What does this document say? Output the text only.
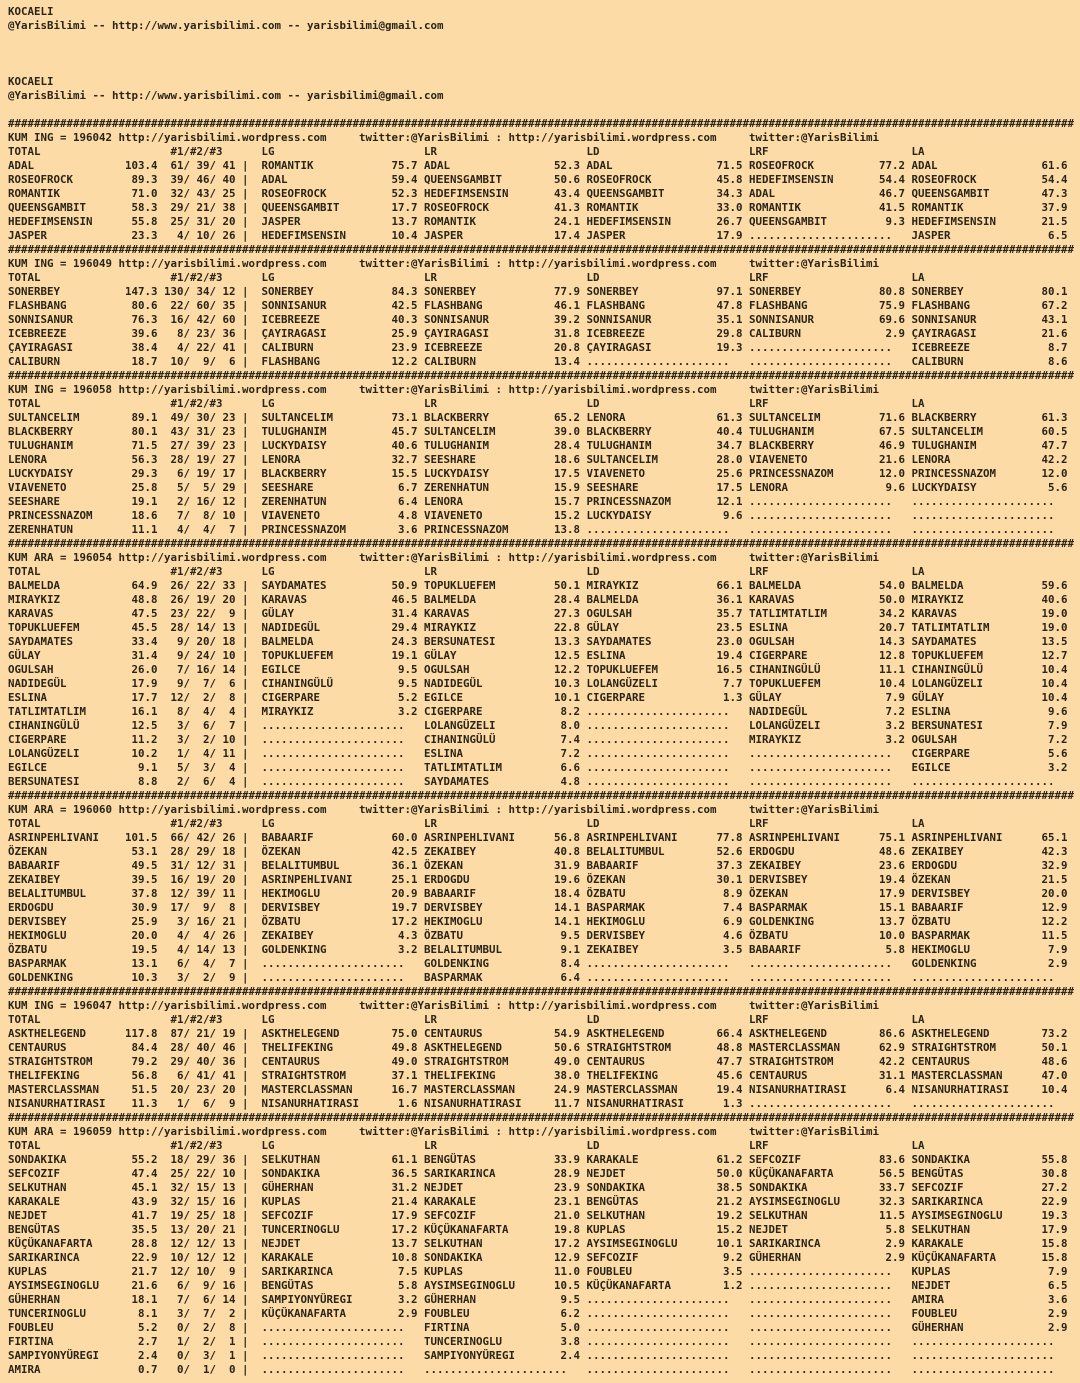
KOCAELI
@YarisBilimi -- http://www.yarisbilimi.com -- yarisbilimi@gmail.com
KOCAELI
@YarisBilimi -- http://www.yarisbilimi.com -- yarisbilimi@gmail.com
####################################################################################################################################################################
KUM ING = 196042 http://yarisbilimi.wordpress.com     twitter:@YarisBilimi : http://yarisbilimi.wordpress.com     twitter:@YarisBilimi
TOTAL                    #1/#2/#3      LG                       LR                       LD                       LRF                      LA
ADAL              103.4  61/ 39/ 41 |  ROMANTIK            75.7 ADAL                52.3 ADAL                71.5 ROSEOFROCK          77.2 ADAL                61.6
ROSEOFROCK         89.3  39/ 46/ 40 |  ADAL                59.4 QUEENSGAMBIT        50.6 ROSEOFROCK          45.8 HEDEFIMSENSIN       54.4 ROSEOFROCK          54.4
ROMANTIK           71.0  32/ 43/ 25 |  ROSEOFROCK          52.3 HEDEFIMSENSIN       43.4 QUEENSGAMBIT        34.3 ADAL                46.7 QUEENSGAMBIT        47.3
QUEENSGAMBIT       58.3  29/ 21/ 38 |  QUEENSGAMBIT        17.7 ROSEOFROCK          41.3 ROMANTIK            33.0 ROMANTIK            41.5 ROMANTIK            37.9
HEDEFIMSENSIN      55.8  25/ 31/ 20 |  JASPER              13.7 ROMANTIK            24.1 HEDEFIMSENSIN       26.7 QUEENSGAMBIT         9.3 HEDEFIMSENSIN       21.5
JASPER             23.3   4/ 10/ 26 |  HEDEFIMSENSIN       10.4 JASPER              17.4 JASPER              17.9 ......................   JASPER               6.5
####################################################################################################################################################################
KUM ING = 196049 http://yarisbilimi.wordpress.com     twitter:@YarisBilimi : http://yarisbilimi.wordpress.com     twitter:@YarisBilimi
TOTAL                    #1/#2/#3      LG                       LR                       LD                       LRF                      LA
SONERBEY          147.3 130/ 34/ 12 |  SONERBEY            84.3 SONERBEY            77.9 SONERBEY            97.1 SONERBEY            80.8 SONERBEY            80.1
FLASHBANG          80.6  22/ 60/ 35 |  SONNISANUR          42.5 FLASHBANG           46.1 FLASHBANG           47.8 FLASHBANG           75.9 FLASHBANG           67.2
SONNISANUR         76.3  16/ 42/ 60 |  ICEBREEZE           40.3 SONNISANUR          39.2 SONNISANUR          35.1 SONNISANUR          69.6 SONNISANUR          43.1
ICEBREEZE          39.6   8/ 23/ 36 |  ÇAYIRAGASI          25.9 ÇAYIRAGASI          31.8 ICEBREEZE           29.8 CALIBURN             2.9 ÇAYIRAGASI          21.6
ÇAYIRAGASI         38.4   4/ 22/ 41 |  CALIBURN            23.9 ICEBREEZE           20.8 ÇAYIRAGASI          19.3 ......................   ICEBREEZE            8.7
CALIBURN           18.7  10/  9/  6 |  FLASHBANG           12.2 CALIBURN            13.4 ......................   ......................   CALIBURN             8.6
####################################################################################################################################################################
KUM ING = 196058 http://yarisbilimi.wordpress.com     twitter:@YarisBilimi : http://yarisbilimi.wordpress.com     twitter:@YarisBilimi
TOTAL                    #1/#2/#3      LG                       LR                       LD                       LRF                      LA
SULTANCELIM        89.1  49/ 30/ 23 |  SULTANCELIM         73.1 BLACKBERRY          65.2 LENORA              61.3 SULTANCELIM         71.6 BLACKBERRY          61.3
BLACKBERRY         80.1  43/ 31/ 23 |  TULUGHANIM          45.7 SULTANCELIM         39.0 BLACKBERRY          40.4 TULUGHANIM          67.5 SULTANCELIM         60.5
TULUGHANIM         71.5  27/ 39/ 23 |  LUCKYDAISY          40.6 TULUGHANIM          28.4 TULUGHANIM          34.7 BLACKBERRY          46.9 TULUGHANIM          47.7
LENORA             56.3  28/ 19/ 27 |  LENORA              32.7 SEESHARE            18.6 SULTANCELIM         28.0 VIAVENETO           21.6 LENORA              42.2
LUCKYDAISY         29.3   6/ 19/ 17 |  BLACKBERRY          15.5 LUCKYDAISY          17.5 VIAVENETO           25.6 PRINCESSNAZOM       12.0 PRINCESSNAZOM       12.0
VIAVENETO          25.8   5/  5/ 29 |  SEESHARE             6.7 ZERENHATUN          15.9 SEESHARE            17.5 LENORA               9.6 LUCKYDAISY           5.6
SEESHARE           19.1   2/ 16/ 12 |  ZERENHATUN           6.4 LENORA              15.7 PRINCESSNAZOM       12.1 ......................   ......................
PRINCESSNAZOM      18.6   7/  8/ 10 |  VIAVENETO            4.8 VIAVENETO           15.2 LUCKYDAISY           9.6 ......................   ......................
ZERENHATUN         11.1   4/  4/  7 |  PRINCESSNAZOM        3.6 PRINCESSNAZOM       13.8 ......................   ......................   ......................
####################################################################################################################################################################
KUM ARA = 196054 http://yarisbilimi.wordpress.com     twitter:@YarisBilimi : http://yarisbilimi.wordpress.com     twitter:@YarisBilimi
TOTAL                    #1/#2/#3      LG                       LR                       LD                       LRF                      LA
BALMELDA           64.9  26/ 22/ 33 |  SAYDAMATES          50.9 TOPUKLUEFEM         50.1 MIRAYKIZ            66.1 BALMELDA            54.0 BALMELDA            59.6
MIRAYKIZ           48.8  26/ 19/ 20 |  KARAVAS             46.5 BALMELDA            28.4 BALMELDA            36.1 KARAVAS             50.0 MIRAYKIZ            40.6
KARAVAS            47.5  23/ 22/  9 |  GÜLAY               31.4 KARAVAS             27.3 OGULSAH             35.7 TATLIMTATLIM        34.2 KARAVAS             19.0
TOPUKLUEFEM        45.5  28/ 14/ 13 |  NADIDEGÜL           29.4 MIRAYKIZ            22.8 GÜLAY               23.5 ESLINA              20.7 TATLIMTATLIM        19.0
SAYDAMATES         33.4   9/ 20/ 18 |  BALMELDA            24.3 BERSUNATESI         13.3 SAYDAMATES          23.0 OGULSAH             14.3 SAYDAMATES          13.5
GÜLAY              31.4   9/ 24/ 10 |  TOPUKLUEFEM         19.1 GÜLAY               12.5 ESLINA              19.4 CIGERPARE           12.8 TOPUKLUEFEM         12.7
OGULSAH            26.0   7/ 16/ 14 |  EGILCE               9.5 OGULSAH             12.2 TOPUKLUEFEM         16.5 CIHANINGÜLÜ         11.1 CIHANINGÜLÜ         10.4
NADIDEGÜL          17.9   9/  7/  6 |  CIHANINGÜLÜ          9.5 NADIDEGÜL           10.3 LOLANGÜZELI          7.7 TOPUKLUEFEM         10.4 LOLANGÜZELI         10.4
ESLINA             17.7  12/  2/  8 |  CIGERPARE            5.2 EGILCE              10.1 CIGERPARE            1.3 GÜLAY                7.9 GÜLAY               10.4
TATLIMTATLIM       16.1   8/  4/  4 |  MIRAYKIZ             3.2 CIGERPARE            8.2 ......................   NADIDEGÜL            7.2 ESLINA               9.6
CIHANINGÜLÜ        12.5   3/  6/  7 |  ......................   LOLANGÜZELI          8.0 ......................   LOLANGÜZELI          3.2 BERSUNATESI          7.9
CIGERPARE          11.2   3/  2/ 10 |  ......................   CIHANINGÜLÜ          7.4 ......................   MIRAYKIZ             3.2 OGULSAH              7.2
LOLANGÜZELI        10.2   1/  4/ 11 |  ......................   ESLINA               7.2 ......................   ......................   CIGERPARE            5.6
EGILCE              9.1   5/  3/  4 |  ......................   TATLIMTATLIM         6.6 ......................   ......................   EGILCE               3.2
BERSUNATESI         8.8   2/  6/  4 |  ......................   SAYDAMATES           4.8 ......................   ......................   ......................
####################################################################################################################################################################
KUM ARA = 196060 http://yarisbilimi.wordpress.com     twitter:@YarisBilimi : http://yarisbilimi.wordpress.com     twitter:@YarisBilimi
TOTAL                    #1/#2/#3      LG                       LR                       LD                       LRF                      LA
ASRINPEHLIVANI    101.5  66/ 42/ 26 |  BABAARIF            60.0 ASRINPEHLIVANI      56.8 ASRINPEHLIVANI      77.8 ASRINPEHLIVANI      75.1 ASRINPEHLIVANI      65.1
ÖZEKAN             53.1  28/ 29/ 18 |  ÖZEKAN              42.5 ZEKAIBEY            40.8 BELALITUMBUL        52.6 ERDOGDU             48.6 ZEKAIBEY            42.3
BABAARIF           49.5  31/ 12/ 31 |  BELALITUMBUL        36.1 ÖZEKAN              31.9 BABAARIF            37.3 ZEKAIBEY            23.6 ERDOGDU             32.9
ZEKAIBEY           39.5  16/ 19/ 20 |  ASRINPEHLIVANI      25.1 ERDOGDU             19.6 ÖZEKAN              30.1 DERVISBEY           19.4 ÖZEKAN              21.5
BELALITUMBUL       37.8  12/ 39/ 11 |  HEKIMOGLU           20.9 BABAARIF            18.4 ÖZBATU               8.9 ÖZEKAN              17.9 DERVISBEY           20.0
ERDOGDU            30.9  17/  9/  8 |  DERVISBEY           19.7 DERVISBEY           14.1 BASPARMAK            7.4 BASPARMAK           15.1 BABAARIF            12.9
DERVISBEY          25.9   3/ 16/ 21 |  ÖZBATU              17.2 HEKIMOGLU           14.1 HEKIMOGLU            6.9 GOLDENKING          13.7 ÖZBATU              12.2
HEKIMOGLU          20.0   4/  4/ 26 |  ZEKAIBEY             4.3 ÖZBATU               9.5 DERVISBEY            4.6 ÖZBATU              10.0 BASPARMAK           11.5
ÖZBATU             19.5   4/ 14/ 13 |  GOLDENKING           3.2 BELALITUMBUL         9.1 ZEKAIBEY             3.5 BABAARIF             5.8 HEKIMOGLU            7.9
BASPARMAK          13.1   6/  4/  7 |  ......................   GOLDENKING           8.4 ......................   ......................   GOLDENKING           2.9
GOLDENKING         10.3   3/  2/  9 |  ......................   BASPARMAK            6.4 ......................   ......................   ......................
####################################################################################################################################################################
KUM ING = 196047 http://yarisbilimi.wordpress.com     twitter:@YarisBilimi : http://yarisbilimi.wordpress.com     twitter:@YarisBilimi
TOTAL                    #1/#2/#3      LG                       LR                       LD                       LRF                      LA
ASKTHELEGEND      117.8  87/ 21/ 19 |  ASKTHELEGEND        75.0 CENTAURUS           54.9 ASKTHELEGEND        66.4 ASKTHELEGEND        86.6 ASKTHELEGEND        73.2
CENTAURUS          84.4  28/ 40/ 46 |  THELIFEKING         49.8 ASKTHELEGEND        50.6 STRAIGHTSTROM       48.8 MASTERCLASSMAN      62.9 STRAIGHTSTROM       50.1
STRAIGHTSTROM      79.2  29/ 40/ 36 |  CENTAURUS           49.0 STRAIGHTSTROM       49.0 CENTAURUS           47.7 STRAIGHTSTROM       42.2 CENTAURUS           48.6
THELIFEKING        56.8   6/ 41/ 41 |  STRAIGHTSTROM       37.1 THELIFEKING         38.0 THELIFEKING         45.6 CENTAURUS           31.1 MASTERCLASSMAN      47.0
MASTERCLASSMAN     51.5  20/ 23/ 20 |  MASTERCLASSMAN      16.7 MASTERCLASSMAN      24.9 MASTERCLASSMAN      19.4 NISANURHATIRASI      6.4 NISANURHATIRASI     10.4
NISANURHATIRASI    11.3   1/  6/  9 |  NISANURHATIRASI      1.6 NISANURHATIRASI     11.7 NISANURHATIRASI      1.3 ......................   ......................
####################################################################################################################################################################
KUM ARA = 196059 http://yarisbilimi.wordpress.com     twitter:@YarisBilimi : http://yarisbilimi.wordpress.com     twitter:@YarisBilimi
TOTAL                    #1/#2/#3      LG                       LR                       LD                       LRF                      LA
SONDAKIKA          55.2  18/ 29/ 36 |  SELKUTHAN           61.1 BENGÜTAS            33.9 KARAKALE            61.2 SEFCOZIF            83.6 SONDAKIKA           55.8
SEFCOZIF           47.4  25/ 22/ 10 |  SONDAKIKA           36.5 SARIKARINCA         28.9 NEJDET              50.0 KÜÇÜKANAFARTA       56.5 BENGÜTAS            30.8
SELKUTHAN          45.1  32/ 15/ 13 |  GÜHERHAN            31.2 NEJDET              23.9 SONDAKIKA           38.5 SONDAKIKA           33.7 SEFCOZIF            27.2
KARAKALE           43.9  32/ 15/ 16 |  KUPLAS              21.4 KARAKALE            23.1 BENGÜTAS            21.2 AYSIMSEGINOGLU      32.3 SARIKARINCA         22.9
NEJDET             41.7  19/ 25/ 18 |  SEFCOZIF            17.9 SEFCOZIF            21.0 SELKUTHAN           19.2 SELKUTHAN           11.5 AYSIMSEGINOGLU      19.3
BENGÜTAS           35.5  13/ 20/ 21 |  TUNCERINOGLU        17.2 KÜÇÜKANAFARTA       19.8 KUPLAS              15.2 NEJDET               5.8 SELKUTHAN           17.9
KÜÇÜKANAFARTA      28.8  12/ 12/ 13 |  NEJDET              13.7 SELKUTHAN           17.2 AYSIMSEGINOGLU      10.1 SARIKARINCA          2.9 KARAKALE            15.8
SARIKARINCA        22.9  10/ 12/ 12 |  KARAKALE            10.8 SONDAKIKA           12.9 SEFCOZIF             9.2 GÜHERHAN             2.9 KÜÇÜKANAFARTA       15.8
KUPLAS             21.7  12/ 10/  9 |  SARIKARINCA          7.5 KUPLAS              11.0 FOUBLEU              3.5 ......................   KUPLAS               7.9
AYSIMSEGINOGLU     21.6   6/  9/ 16 |  BENGÜTAS             5.8 AYSIMSEGINOGLU      10.5 KÜÇÜKANAFARTA        1.2 ......................   NEJDET               6.5
GÜHERHAN           18.1   7/  6/ 14 |  SAMPIYONYÜREGI       3.2 GÜHERHAN             9.5 ......................   ......................   AMIRA                3.6
TUNCERINOGLU        8.1   3/  7/  2 |  KÜÇÜKANAFARTA        2.9 FOUBLEU              6.2 ......................   ......................   FOUBLEU              2.9
FOUBLEU             5.2   0/  2/  8 |  ......................   FIRTINA              5.0 ......................   ......................   GÜHERHAN             2.9
FIRTINA             2.7   1/  2/  1 |  ......................   TUNCERINOGLU         3.8 ......................   ......................   ......................
SAMPIYONYÜREGI      2.4   0/  3/  1 |  ......................   SAMPIYONYÜREGI       2.4 ......................   ......................   ......................
AMIRA               0.7   0/  1/  0 |  ......................   ......................   ......................   ......................   ......................
